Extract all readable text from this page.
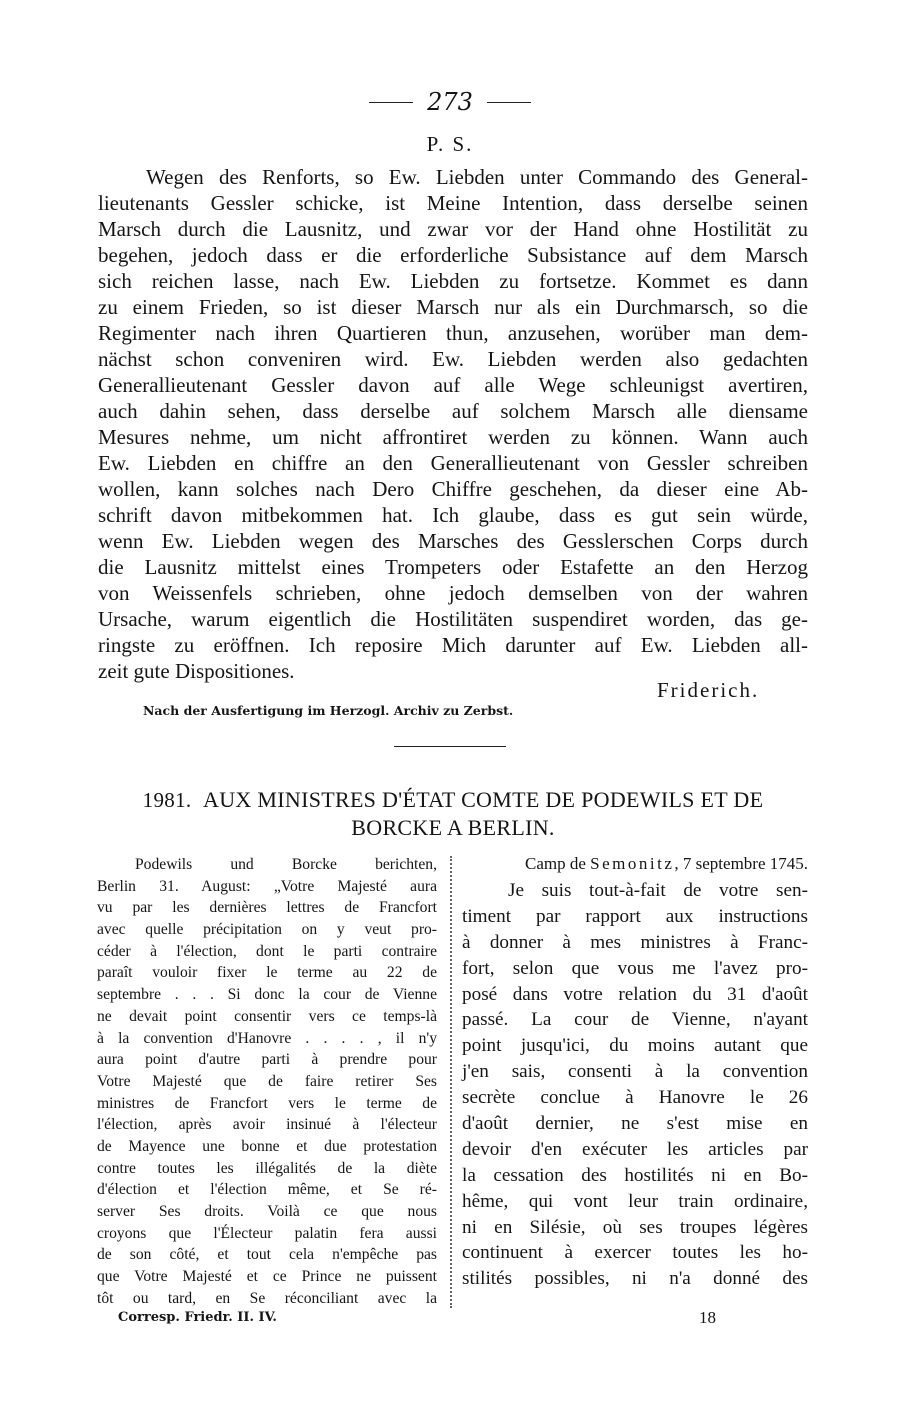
273
P. S.
Wegen des Renforts, so Ew. Liebden unter Commando des General-
lieutenants Gessler schicke, ist Meine Intention, dass derselbe seinen
Marsch durch die Lausnitz, und zwar vor der Hand ohne Hostilität zu
begehen, jedoch dass er die erforderliche Subsistance auf dem Marsch
sich reichen lasse, nach Ew. Liebden zu fortsetze. Kommet es dann
zu einem Frieden, so ist dieser Marsch nur als ein Durchmarsch, so die
Regimenter nach ihren Quartieren thun, anzusehen, worüber man dem-
nächst schon conveniren wird. Ew. Liebden werden also gedachten
Generallieutenant Gessler davon auf alle Wege schleunigst avertiren,
auch dahin sehen, dass derselbe auf solchem Marsch alle diensame
Mesures nehme, um nicht affrontiret werden zu können. Wann auch
Ew. Liebden en chiffre an den Generallieutenant von Gessler schreiben
wollen, kann solches nach Dero Chiffre geschehen, da dieser eine Ab-
schrift davon mitbekommen hat. Ich glaube, dass es gut sein würde,
wenn Ew. Liebden wegen des Marsches des Gesslerschen Corps durch
die Lausnitz mittelst eines Trompeters oder Estafette an den Herzog
von Weissenfels schrieben, ohne jedoch demselben von der wahren
Ursache, warum eigentlich die Hostilitäten suspendiret worden, das ge-
ringste zu eröffnen. Ich reposire Mich darunter auf Ew. Liebden all-
zeit gute Dispositiones.
Friderich.
Nach der Ausfertigung im Herzogl. Archiv zu Zerbst.
1981. AUX MINISTRES D'ÉTAT COMTE DE PODEWILS ET DE
BORCKE A BERLIN.
Podewils und Borcke berichten,
Berlin 31. August: „Votre Majesté aura
vu par les dernières lettres de Francfort
avec quelle précipitation on y veut pro-
céder à l'élection, dont le parti contraire
paraît vouloir fixer le terme au 22 de
septembre . . . Si donc la cour de Vienne
ne devait point consentir vers ce temps-là
à la convention d'Hanovre . . . . , il n'y
aura point d'autre parti à prendre pour
Votre Majesté que de faire retirer Ses
ministres de Francfort vers le terme de
l'élection, après avoir insinué à l'électeur
de Mayence une bonne et due protestation
contre toutes les illégalités de la diète
d'élection et l'élection même, et Se ré-
server Ses droits. Voilà ce que nous
croyons que l'Électeur palatin fera aussi
de son côté, et tout cela n'empêche pas
que Votre Majesté et ce Prince ne puissent
tôt ou tard, en Se réconciliant avec la
Camp de Semonitz, 7 septembre 1745.
Je suis tout-à-fait de votre sen-
timent par rapport aux instructions
à donner à mes ministres à Franc-
fort, selon que vous me l'avez pro-
posé dans votre relation du 31 d'août
passé. La cour de Vienne, n'ayant
point jusqu'ici, du moins autant que
j'en sais, consenti à la convention
secrète conclue à Hanovre le 26
d'août dernier, ne s'est mise en
devoir d'en exécuter les articles par
la cessation des hostilités ni en Bo-
hême, qui vont leur train ordinaire,
ni en Silésie, où ses troupes légères
continuent à exercer toutes les ho-
stilités possibles, ni n'a donné des
Corresp. Friedr. II. IV.	18
